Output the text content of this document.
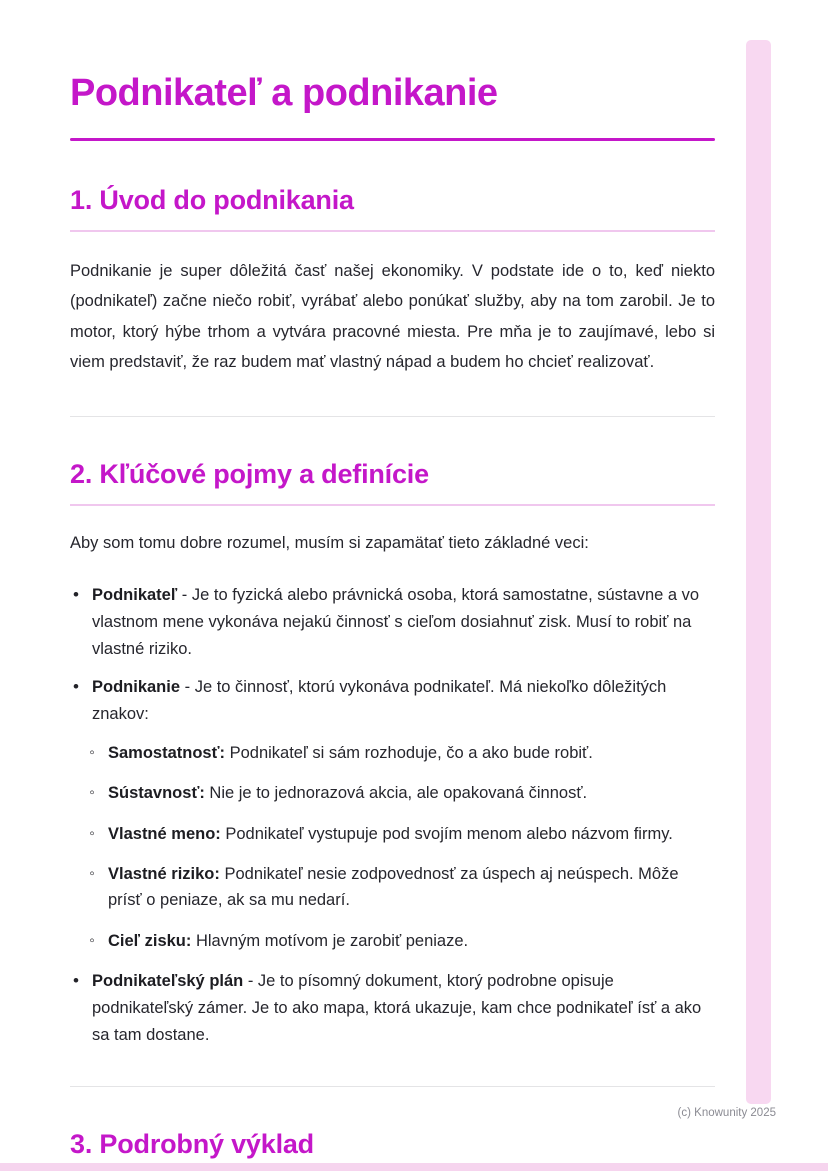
Podnikateľ a podnikanie
1. Úvod do podnikania

Podnikanie je super dôležitá časť našej ekonomiky. V podstate ide o to, keď niekto (podnikateľ) začne niečo robiť, vyrábať alebo ponúkať služby, aby na tom zarobil. Je to motor, ktorý hýbe trhom a vytvára pracovné miesta. Pre mňa je to zaujímavé, lebo si viem predstaviť, že raz budem mať vlastný nápad a budem ho chcieť realizovať.

2. Kľúčové pojmy a definície

Aby som tomu dobre rozumel, musím si zapamätať tieto základné veci:

• Podnikateľ - Je to fyzická alebo právnická osoba, ktorá samostatne, sústavne a vo vlastnom mene vykonáva nejakú činnosť s cieľom dosiahnuť zisk. Musí to robiť na vlastné riziko.
• Podnikanie - Je to činnosť, ktorú vykonáva podnikateľ. Má niekoľko dôležitých znakov:
◦ Samostatnosť: Podnikateľ si sám rozhoduje, čo a ako bude robiť.
◦ Sústavnosť: Nie je to jednorazová akcia, ale opakovaná činnosť.
◦ Vlastné meno: Podnikateľ vystupuje pod svojím menom alebo názvom firmy.
◦ Vlastné riziko: Podnikateľ nesie zodpovednosť za úspech aj neúspech. Môže prísť o peniaze, ak sa mu nedarí.
◦ Cieľ zisku: Hlavným motívom je zarobiť peniaze.
• Podnikateľský plán - Je to písomný dokument, ktorý podrobne opisuje podnikateľský zámer. Je to ako mapa, ktorá ukazuje, kam chce podnikateľ ísť a ako sa tam dostane.
3. Podrobný výklad
(c) Knowunity 2025
